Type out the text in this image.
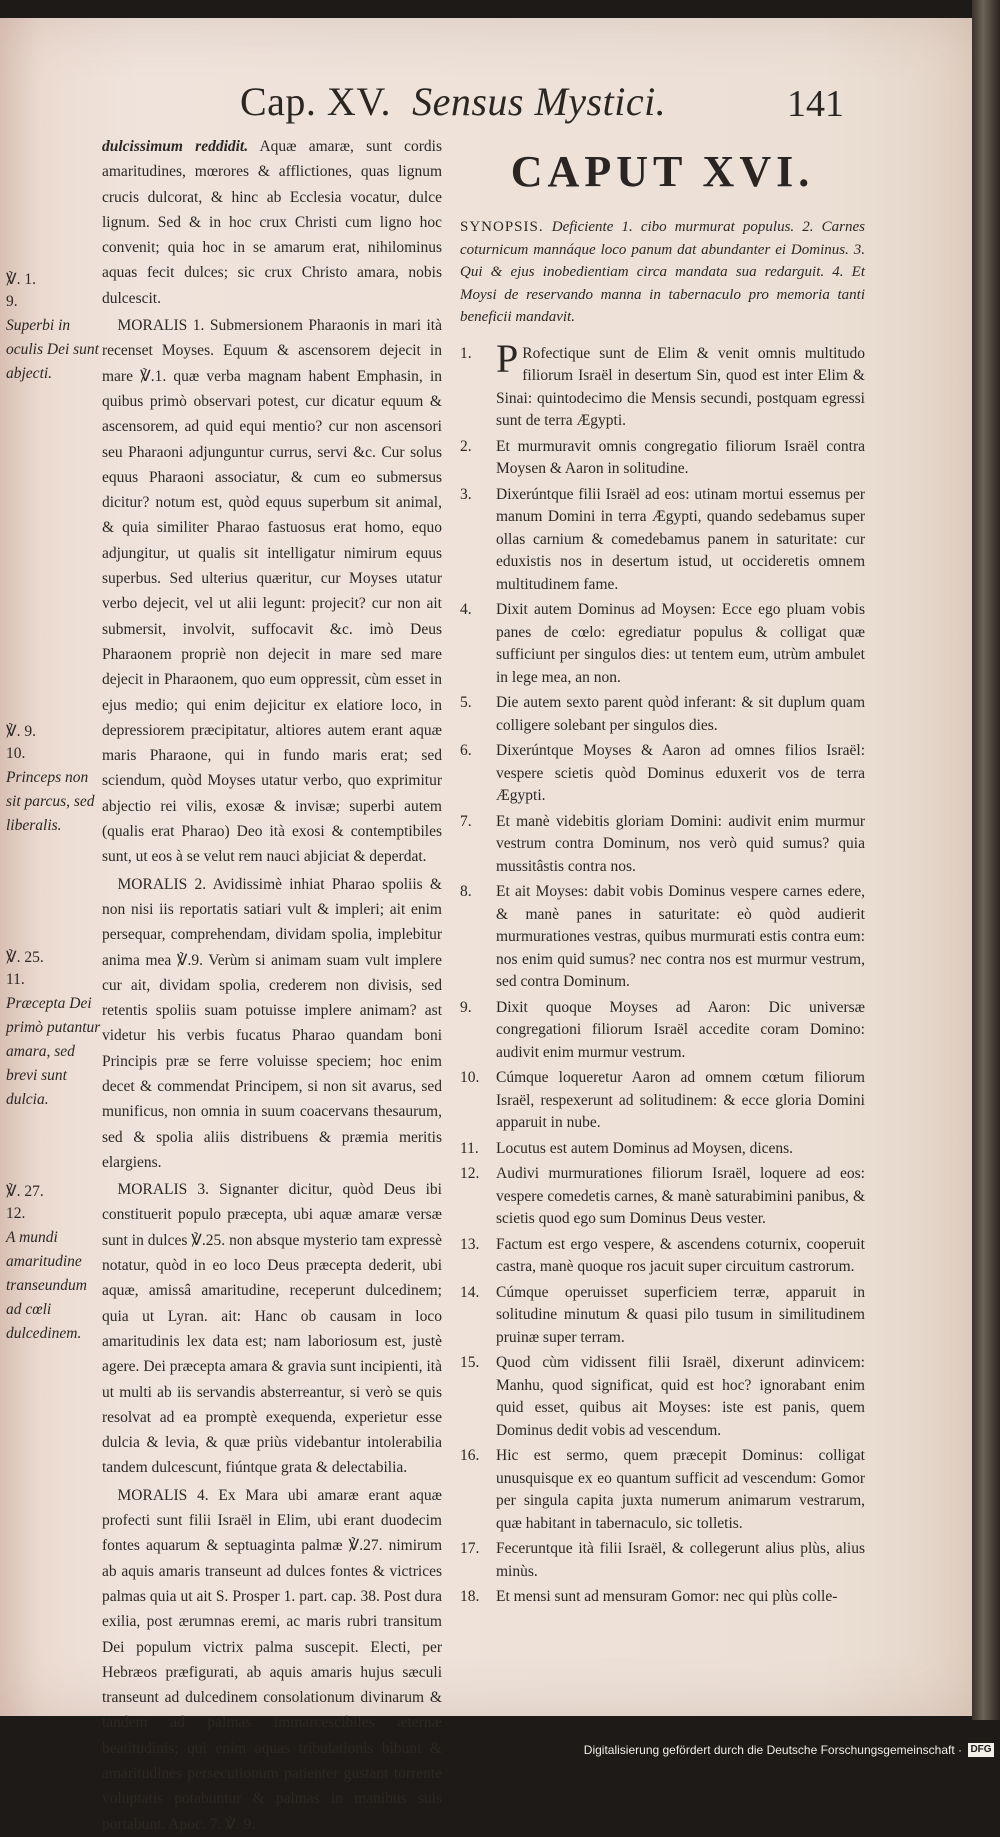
Cap. XV. Sensus Mystici.	141
℣. 1.
9.
Superbi in oculis Dei sunt abjecti.
℣. 9.
10.
Princeps non sit parcus, sed liberalis.
℣. 25.
11.
Præcepta Dei primò putantur amara, sed brevi sunt dulcia.
℣. 27.
12.
A mundi amaritudine transeundum ad cœli dulcedinem.

dulcissimum reddidit. Aquæ amaræ, sunt cordis amaritudines, mœrores & afflictiones, quas lignum crucis dulcorat, & hinc ab Ecclesia vocatur, dulce lignum. Sed & in hoc crux Christi cum ligno hoc convenit; quia hoc in se amarum erat, nihilominus aquas fecit dulces; sic crux Christo amara, nobis dulcescit.

 MORALIS 1. Submersionem Pharaonis in mari ità recenset Moyses. Equum & ascensorem dejecit in mare ℣.1. quæ verba magnam habent Emphasin, in quibus primò observari potest, cur dicatur equum & ascensorem, ad quid equi mentio? cur non ascensori seu Pharaoni adjunguntur currus, servi &c. Cur solus equus Pharaoni associatur, & cum eo submersus dicitur? notum est, quòd equus superbum sit animal, & quia similiter Pharao fastuosus erat homo, equo adjungitur, ut qualis sit intelligatur nimirum equus superbus. Sed ulterius quæritur, cur Moyses utatur verbo dejecit, vel ut alii legunt: projecit? cur non ait submersit, involvit, suffocavit &c. imò Deus Pharaonem propriè non dejecit in mare sed mare dejecit in Pharaonem, quo eum oppressit, cùm esset in ejus medio; qui enim dejicitur ex elatiore loco, in depressiorem præcipitatur, altiores autem erant aquæ maris Pharaone, qui in fundo maris erat; sed sciendum, quòd Moyses utatur verbo, quo exprimitur abjectio rei vilis, exosæ & invisæ; superbi autem (qualis erat Pharao) Deo ità exosi & contemptibiles sunt, ut eos à se velut rem nauci abjiciat & deperdat.

 MORALIS 2. Avidissimè inhiat Pharao spoliis & non nisi iis reportatis satiari vult & impleri; ait enim persequar, comprehendam, dividam spolia, implebitur anima mea ℣.9. Verùm si animam suam vult implere cur ait, dividam spolia, crederem non divisis, sed retentis spoliis suam potuisse implere animam? ast videtur his verbis fucatus Pharao quandam boni Principis præ se ferre voluisse speciem; hoc enim decet & commendat Principem, si non sit avarus, sed munificus, non omnia in suum coacervans thesaurum, sed & spolia aliis distribuens & præmia meritis elargiens.

 MORALIS 3. Signanter dicitur, quòd Deus ibi constituerit populo præcepta, ubi aquæ amaræ versæ sunt in dulces ℣.25. non absque mysterio tam expressè notatur, quòd in eo loco Deus præcepta dederit, ubi aquæ, amissâ amaritudine, receperunt dulcedinem; quia ut Lyran. ait: Hanc ob causam in loco amaritudinis lex data est; nam laboriosum est, justè agere. Dei præcepta amara & gravia sunt incipienti, ità ut multi ab iis servandis absterreantur, si verò se quis resolvat ad ea promptè exequenda, experietur esse dulcia & levia, & quæ priùs videbantur intolerabilia tandem dulcescunt, fiúntque grata & delectabilia.

 MORALIS 4. Ex Mara ubi amaræ erant aquæ profecti sunt filii Israël in Elim, ubi erant duodecim fontes aquarum & septuaginta palmæ ℣.27. nimirum ab aquis amaris transeunt ad dulces fontes & victrices palmas quia ut ait S. Prosper 1. part. cap. 38. Post dura exilia, post ærumnas eremi, ac maris rubri transitum Dei populum victrix palma suscepit. Electi, per Hebræos præfigurati, ab aquis amaris hujus sæculi transeunt ad dulcedinem consolationum divinarum & tandem ad palmas immarcescibiles æternæ beatitudinis; qui enim aquas tribulationis bibunt & amaritudines persecutionum patienter gustant torrente voluptatis potabuntur & palmas in manibus suis portabunt. Apoc. 7. ℣. 9.

CAPUT XVI.
SYNOPSIS. Deficiente 1. cibo murmurat populus. 2. Carnes coturnicum mannáque loco panum dat abundanter ei Dominus. 3. Qui & ejus inobedientiam circa mandata sua redarguit. 4. Et Moysi de reservando manna in tabernaculo pro memoria tanti beneficii mandavit.
1. P Rofectique sunt de Elim & venit omnis multitudo filiorum Israël in desertum Sin, quod est inter Elim & Sinai: quintodecimo die Mensis secundi, postquam egressi sunt de terra Ægypti.
2.	Et murmuravit omnis congregatio filiorum Israël contra Moysen & Aaron in solitudine.
3.	Dixerúntque filii Israël ad eos: utinam mortui essemus per manum Domini in terra Ægypti, quando sedebamus super ollas carnium & comedebamus panem in saturitate: cur eduxistis nos in desertum istud, ut occideretis omnem multitudinem fame.
4.	Dixit autem Dominus ad Moysen: Ecce ego pluam vobis panes de cœlo: egrediatur populus & colligat quæ sufficiunt per singulos dies: ut tentem eum, utrùm ambulet in lege mea, an non.
5.	Die autem sexto parent quòd inferant: & sit duplum quam colligere solebant per singulos dies.
6.	Dixerúntque Moyses & Aaron ad omnes filios Israël: vespere scietis quòd Dominus eduxerit vos de terra Ægypti.
7.	Et manè videbitis gloriam Domini: audivit enim murmur vestrum contra Dominum, nos verò quid sumus? quia mussitâstis contra nos.
8.	Et ait Moyses: dabit vobis Dominus vespere carnes edere, & manè panes in saturitate: eò quòd audierit murmurationes vestras, quibus murmurati estis contra eum: nos enim quid sumus? nec contra nos est murmur vestrum, sed contra Dominum.
9.	Dixit quoque Moyses ad Aaron: Dic universæ congregationi filiorum Israël accedite coram Domino: audivit enim murmur vestrum.
10.	Cúmque loqueretur Aaron ad omnem cœtum filiorum Israël, respexerunt ad solitudinem: & ecce gloria Domini apparuit in nube.
11.	Locutus est autem Dominus ad Moysen, dicens.
12.	Audivi murmurationes filiorum Israël, loquere ad eos: vespere comedetis carnes, & manè saturabimini panibus, & scietis quod ego sum Dominus Deus vester.
13.	Factum est ergo vespere, & ascendens coturnix, cooperuit castra, manè quoque ros jacuit super circuitum castrorum.
14.	Cúmque operuisset superficiem terræ, apparuit in solitudine minutum & quasi pilo tusum in similitudinem pruinæ super terram.
15.	Quod cùm vidissent filii Israël, dixerunt adinvicem: Manhu, quod significat, quid est hoc? ignorabant enim quid esset, quibus ait Moyses: iste est panis, quem Dominus dedit vobis ad vescendum.
16.	Hic est sermo, quem præcepit Dominus: colligat unusquisque ex eo quantum sufficit ad vescendum: Gomor per singula capita juxta numerum animarum vestrarum, quæ habitant in tabernaculo, sic tolletis.
17.	Feceruntque ità filii Israël, & collegerunt alius plùs, alius minùs.
18.	Et mensi sunt ad mensuram Gomor: nec qui plùs colle-
Digitalisierung gefördert durch die Deutsche Forschungsgemeinschaft · DFG
